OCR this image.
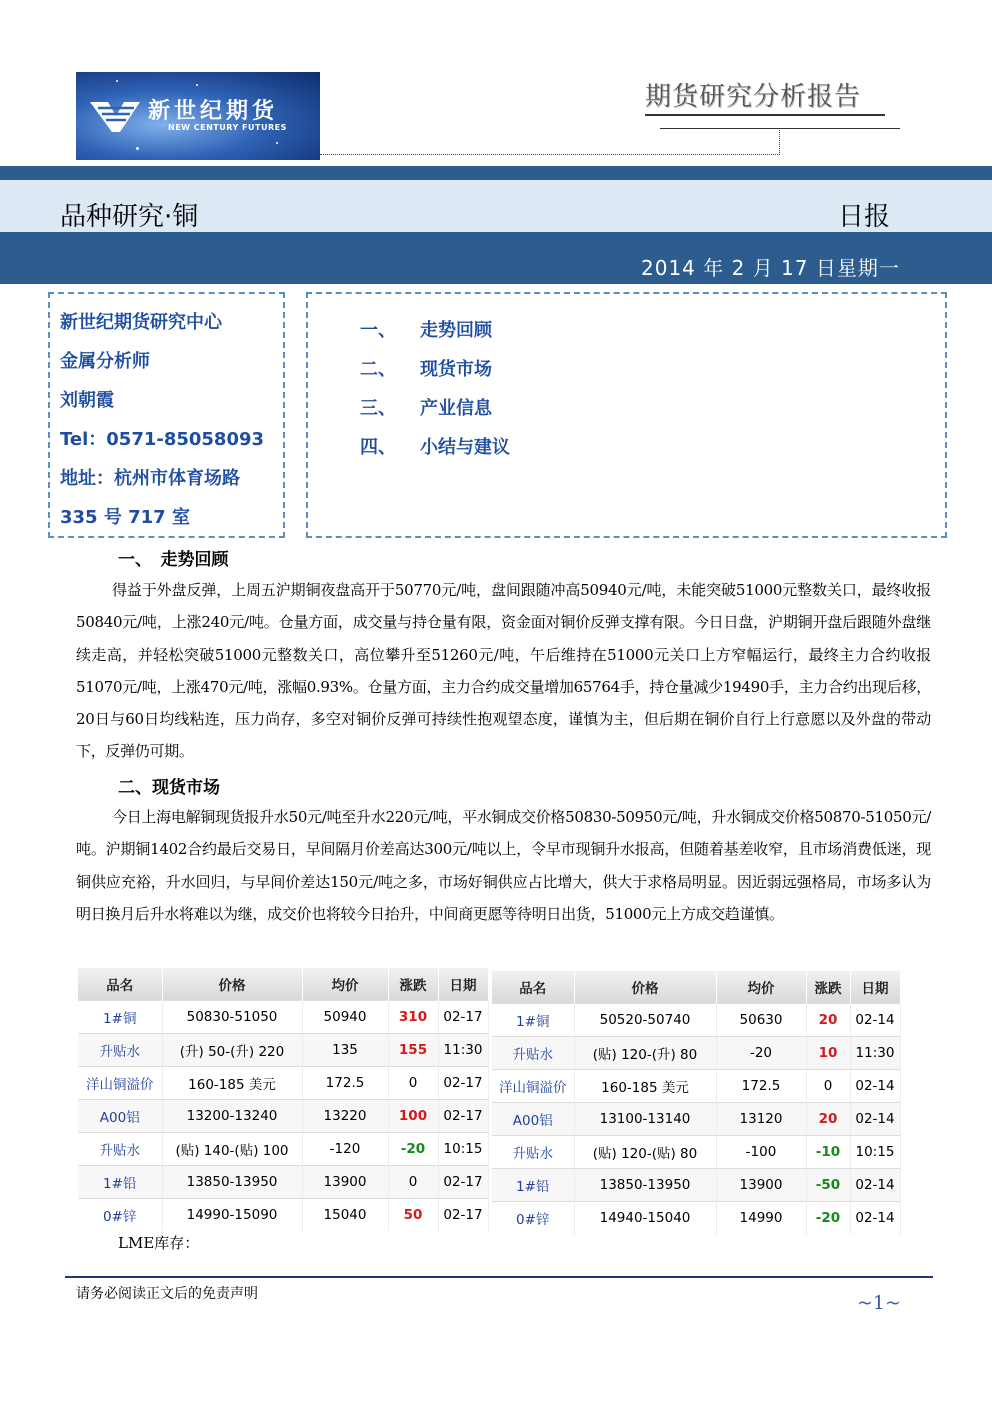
新世纪期货
NEW CENTURY FUTURES
期货研究分析报告
品种研究·铜	日报
2014 年 2 月 17 日星期一
新世纪期货研究中心
金属分析师
刘朝霞
Tel：0571-85058093
地址：杭州市体育场路
335 号 717 室
一、 走势回顾
二、 现货市场
三、 产业信息
四、 小结与建议
一、　走势回顾
得益于外盘反弹，上周五沪期铜夜盘高开于50770元/吨，盘间跟随冲高50940元/吨，未能突破51000元整数关口，最终收报50840元/吨，上涨240元/吨。仓量方面，成交量与持仓量有限，资金面对铜价反弹支撑有限。今日日盘，沪期铜开盘后跟随外盘继续走高，并轻松突破51000元整数关口，高位攀升至51260元/吨，午后维持在51000元关口上方窄幅运行，最终主力合约收报51070元/吨，上涨470元/吨，涨幅0.93%。仓量方面，主力合约成交量增加65764手，持仓量减少19490手，主力合约出现后移，20日与60日均线粘连，压力尚存，多空对铜价反弹可持续性抱观望态度，谨慎为主，但后期在铜价自行上行意愿以及外盘的带动下，反弹仍可期。
二、现货市场
今日上海电解铜现货报升水50元/吨至升水220元/吨，平水铜成交价格50830-50950元/吨，升水铜成交价格50870-51050元/吨。沪期铜1402合约最后交易日，早间隔月价差高达300元/吨以上，令早市现铜升水报高，但随着基差收窄，且市场消费低迷，现铜供应充裕，升水回归，与早间价差达150元/吨之多，市场好铜供应占比增大，供大于求格局明显。因近弱远强格局，市场多认为明日换月后升水将难以为继，成交价也将较今日抬升，中间商更愿等待明日出货，51000元上方成交趋谨慎。
品名	价格	均价	涨跌	日期
1#铜	50830-51050	50940	310	02-17
升贴水	(升) 50-(升) 220	135	155	11:30
洋山铜溢价	160-185 美元	172.5	0	02-17
A00铝	13200-13240	13220	100	02-17
升贴水	(贴) 140-(贴) 100	-120	-20	10:15
1#铅	13850-13950	13900	0	02-17
0#锌	14990-15090	15040	50	02-17
品名	价格	均价	涨跌	日期
1#铜	50520-50740	50630	20	02-14
升贴水	(贴) 120-(升) 80	-20	10	11:30
洋山铜溢价	160-185 美元	172.5	0	02-14
A00铝	13100-13140	13120	20	02-14
升贴水	(贴) 120-(贴) 80	-100	-10	10:15
1#铅	13850-13950	13900	-50	02-14
0#锌	14940-15040	14990	-20	02-14
LME库存：
请务必阅读正文后的免责声明	~1~
